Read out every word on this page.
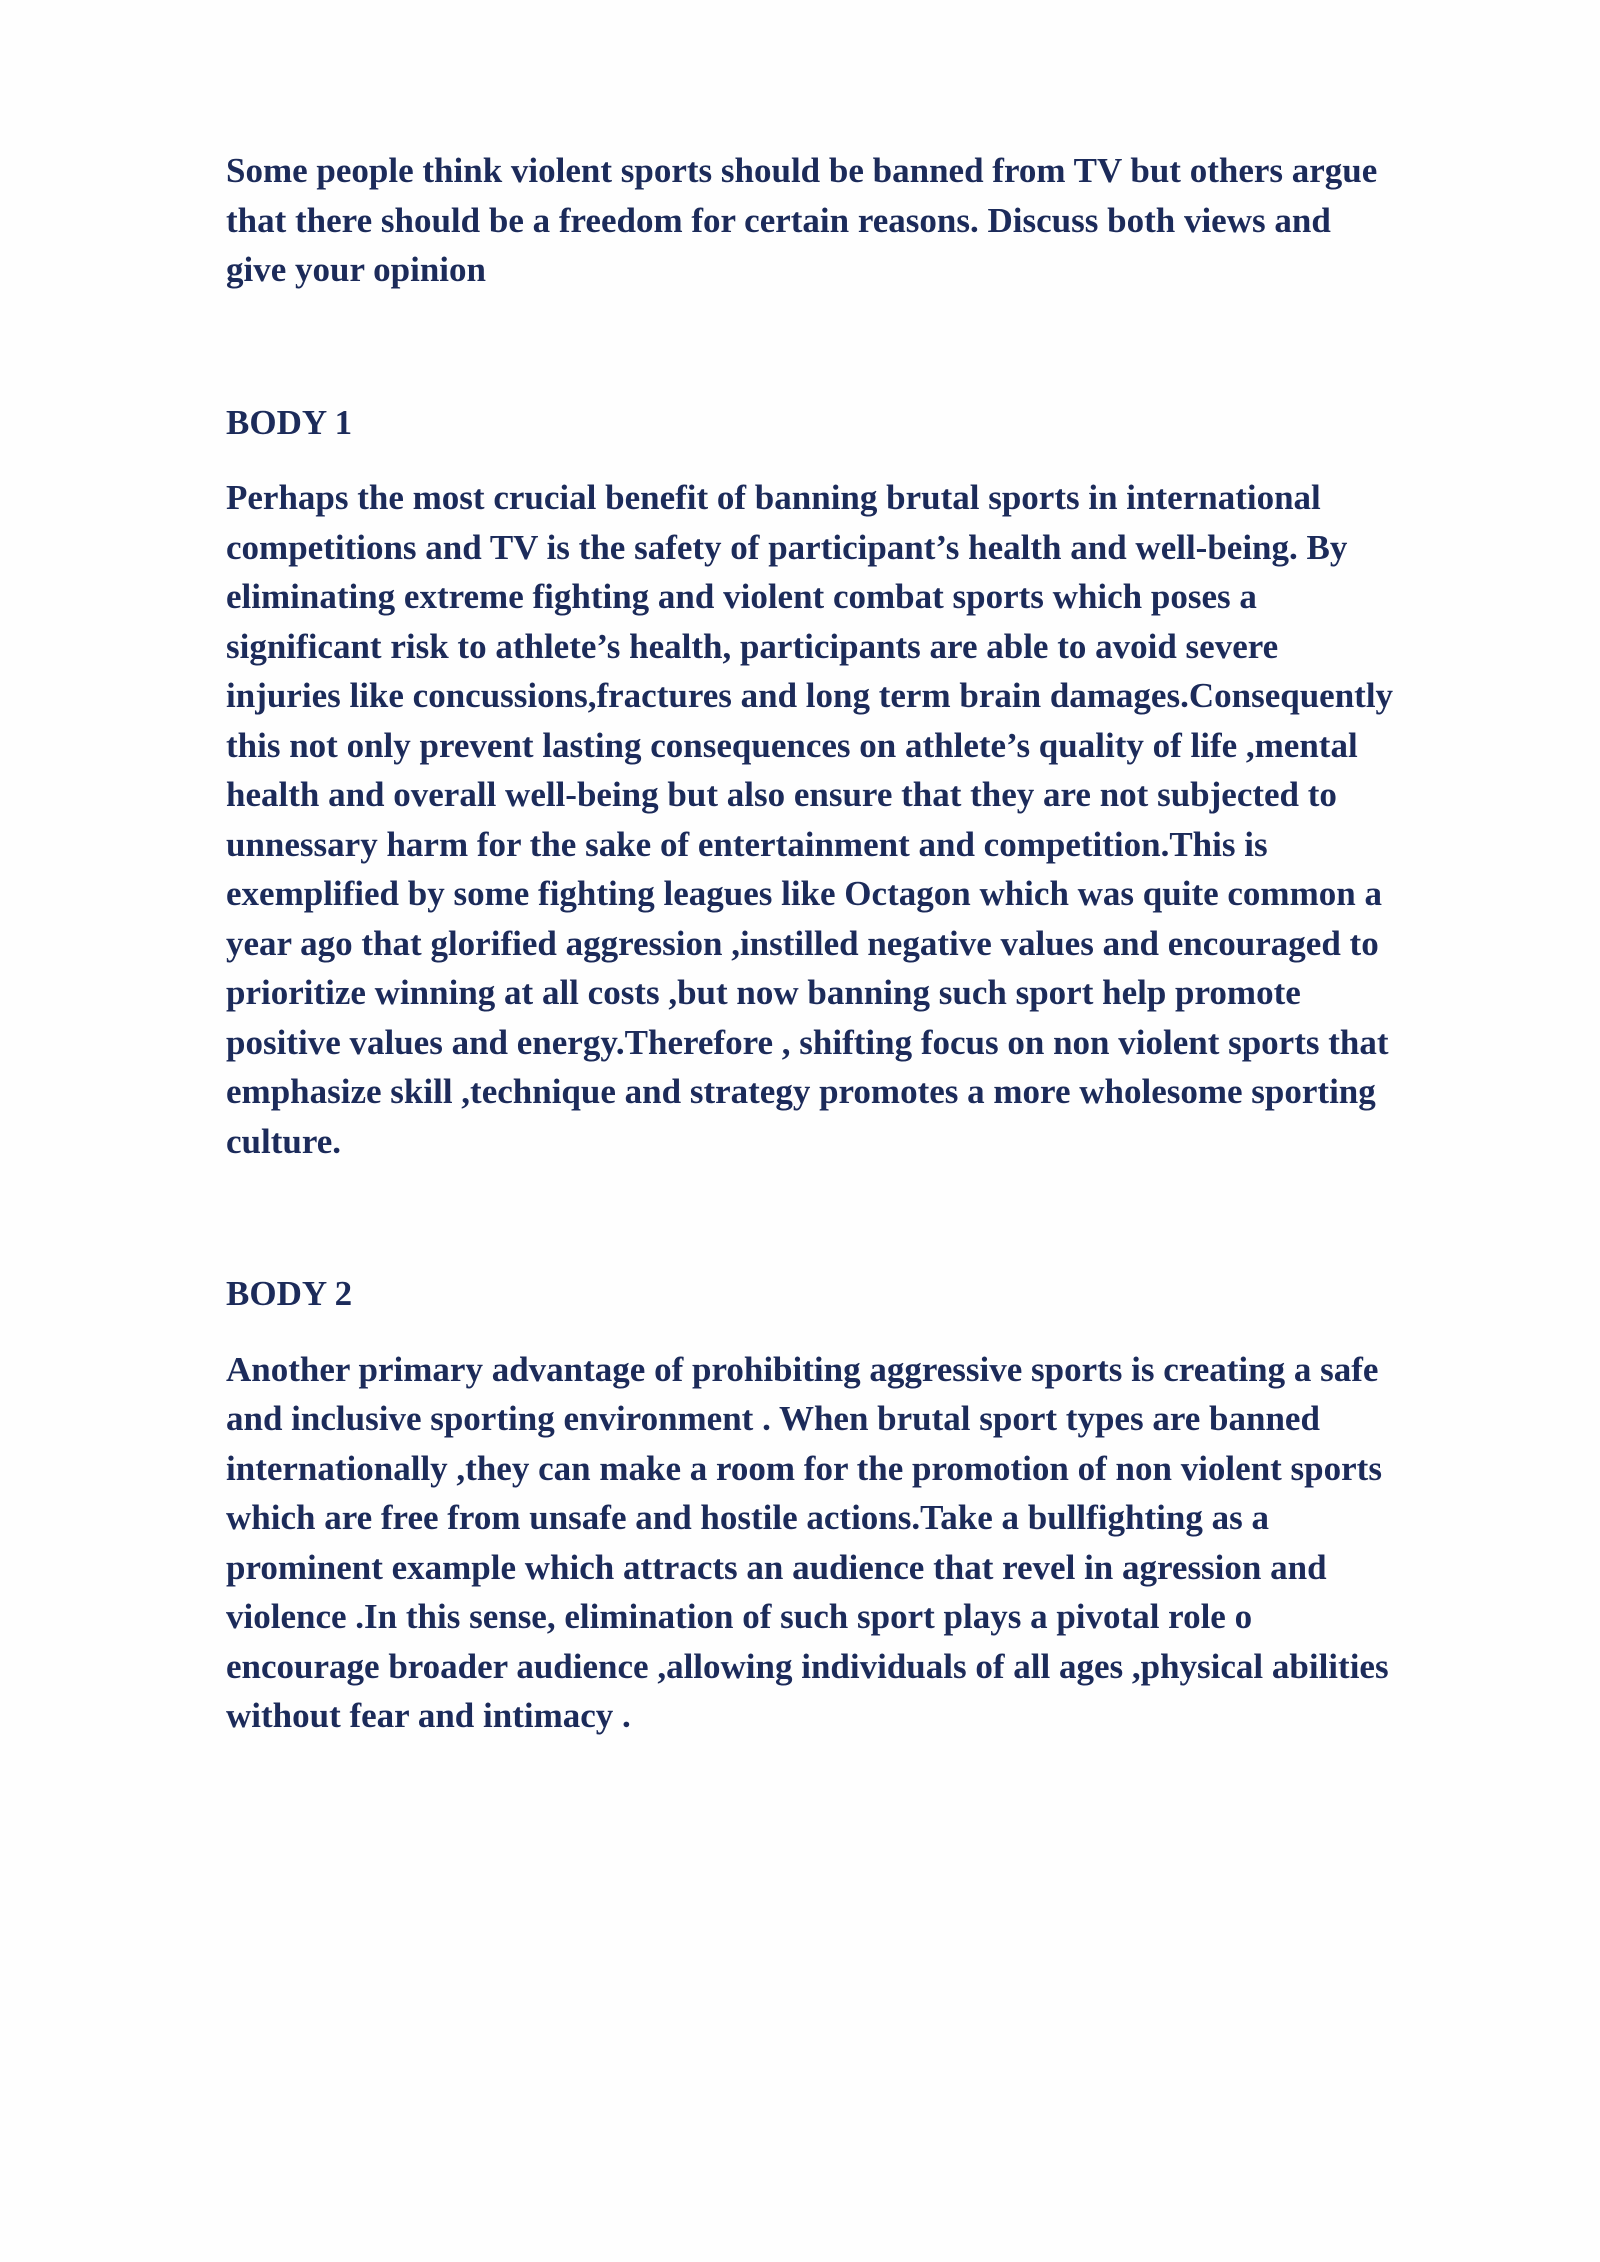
Some people think violent sports should be banned from TV but others argue
that there should be a freedom for certain reasons. Discuss both views and
give your opinion

BODY 1

Perhaps the most crucial benefit of banning brutal sports in international
competitions and TV is the safety of participant’s health and well-being. By
eliminating extreme fighting and violent combat sports which poses a
significant risk to athlete’s health, participants are able to avoid severe
injuries like concussions,fractures and long term brain damages.Consequently
this not only prevent lasting consequences on athlete’s quality of life ,mental
health and overall well-being but also ensure that they are not subjected to
unnessary harm for the sake of entertainment and competition.This is
exemplified by some fighting leagues like Octagon which was quite common a
year ago that glorified aggression ,instilled negative values and encouraged to
prioritize winning at all costs ,but now banning such sport help promote
positive values and energy.Therefore , shifting focus on non violent sports that
emphasize skill ,technique and strategy promotes a more wholesome sporting
culture.

BODY 2

Another primary advantage of prohibiting aggressive sports is creating a safe
and inclusive sporting environment . When brutal sport types are banned
internationally ,they can make a room for the promotion of non violent sports
which are free from unsafe and hostile actions.Take a bullfighting as a
prominent example which attracts an audience that revel in agression and
violence .In this sense, elimination of such sport plays a pivotal role o
encourage broader audience ,allowing individuals of all ages ,physical abilities
without fear and intimacy .
